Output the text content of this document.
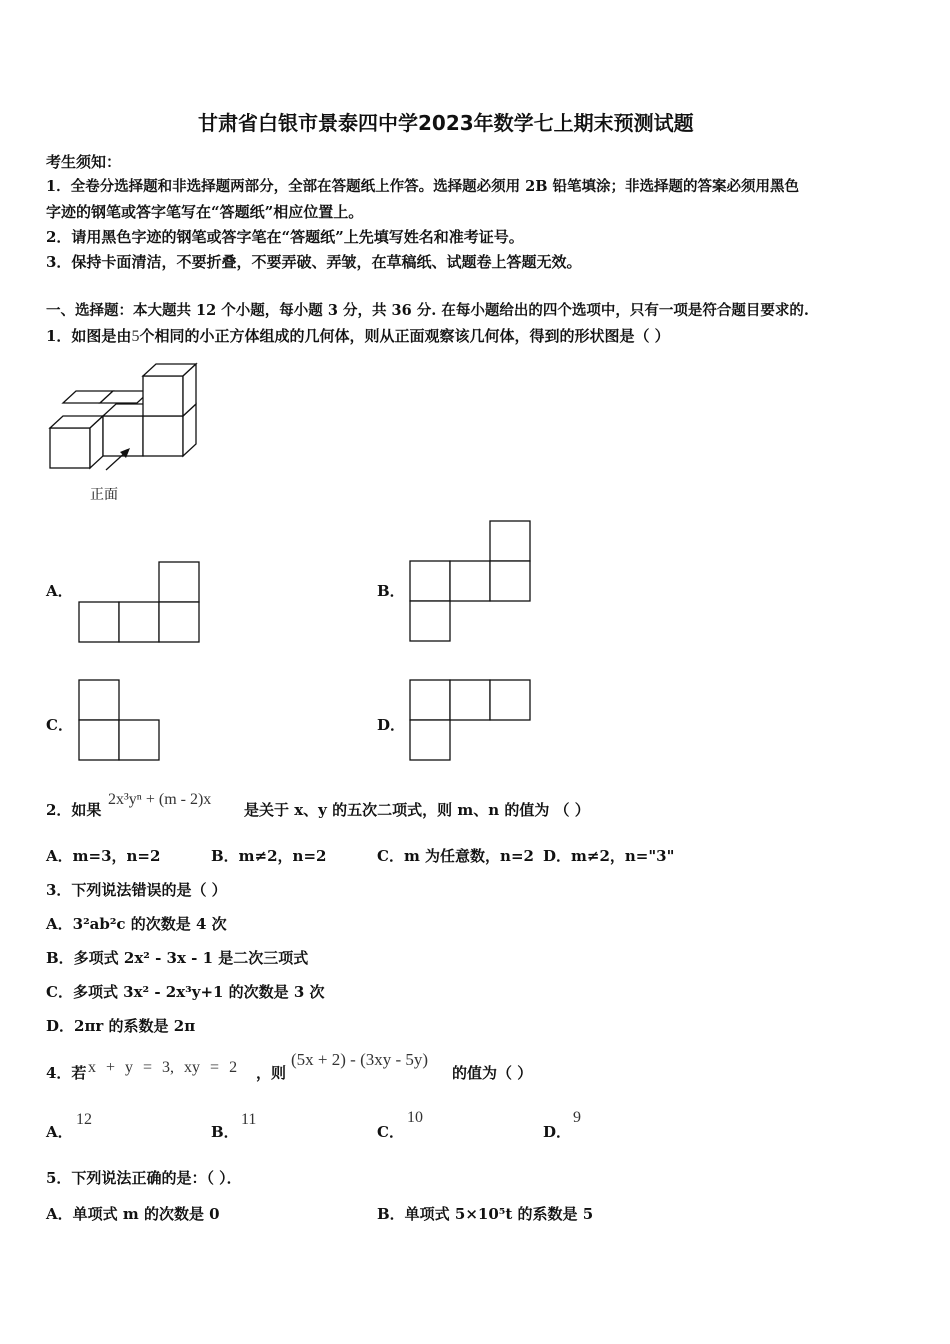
甘肃省白银市景泰四中学2023年数学七上期末预测试题
考生须知：
1．全卷分选择题和非选择题两部分，全部在答题纸上作答。选择题必须用 2B 铅笔填涂；非选择题的答案必须用黑色
字迹的钢笔或答字笔写在“答题纸”相应位置上。
2．请用黑色字迹的钢笔或答字笔在“答题纸”上先填写姓名和准考证号。
3．保持卡面清洁，不要折叠，不要弄破、弄皱，在草稿纸、试题卷上答题无效。
一、选择题：本大题共 12 个小题，每小题 3 分，共 36 分. 在每小题给出的四个选项中，只有一项是符合题目要求的.
1．如图是由5个相同的小正方体组成的几何体，则从正面观察该几何体，得到的形状图是（ ）
正面
A．	B．
C．	D．
2．如果
2x³yⁿ + (m - 2)x
是关于 x、y 的五次二项式，则 m、n 的值为 （ ）
A．m=3，n=2	B．m≠2，n=2	C．m 为任意数，n=2 D．m≠2，n="3"
3．下列说法错误的是（ ）
A．3²ab²c 的次数是 4 次
B．多项式 2x² - 3x - 1 是二次三项式
C．多项式 3x² - 2x³y+1 的次数是 3 次
D．2πr 的系数是 2π
4．若 x + y = 3, xy = 2 ，则
(5x + 2) - (3xy - 5y)
的值为（ ）
A．
12
B．
11
C．
10
D．
9
5．下列说法正确的是：（ ）．
A．单项式 m 的次数是 0	B．单项式 5×10⁵t 的系数是 5
